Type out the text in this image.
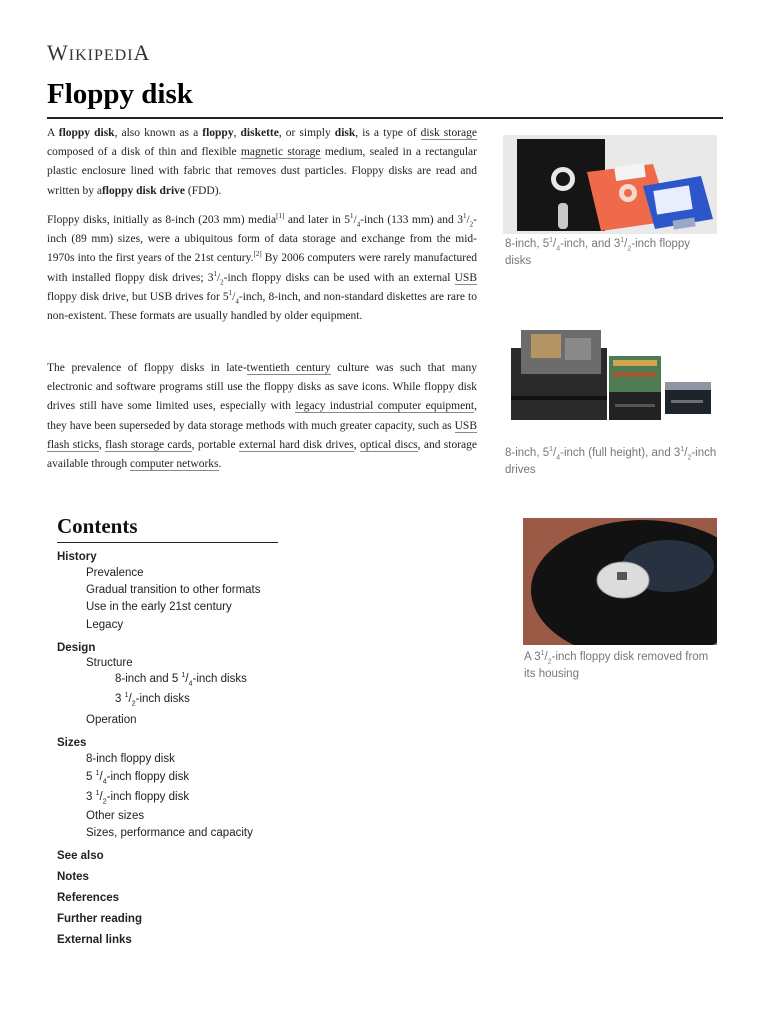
WIKIPEDIA
Floppy disk

A floppy disk, also known as a floppy, diskette, or simply disk, is a type of disk storage composed of a disk of thin and flexible magnetic storage medium, sealed in a rectangular plastic enclosure lined with fabric that removes dust particles. Floppy disks are read and written by afloppy disk drive (FDD).

Floppy disks, initially as 8-inch (203 mm) media[1] and later in $5^1/_4$-inch (133 mm) and $3^1/_2$-inch (89 mm) sizes, were a ubiquitous form of data storage and exchange from the mid-1970s into the first years of the 21st century.[2] By 2006 computers were rarely manufactured with installed floppy disk drives; $3^1/_2$-inch floppy disks can be used with an external USB floppy disk drive, but USB drives for $5^1/_4$-inch, 8-inch, and non-standard diskettes are rare to non-existent. These formats are usually handled by older equipment.

The prevalence of floppy disks in late-twentieth century culture was such that many electronic and software programs still use the floppy disks as save icons. While floppy disk drives still have some limited uses, especially with legacy industrial computer equipment, they have been superseded by data storage methods with much greater capacity, such as USB flash sticks, flash storage cards, portable external hard disk drives, optical discs, and storage available through computer networks.

8-inch, $5^1/_4$-inch, and $3^1/_2$-inch floppy disks
8-inch, $5^1/_4$-inch (full height), and $3^1/_2$-inch drives
A $3^1/_2$-inch floppy disk removed from its housing
Contents
History
Prevalence
Gradual transition to other formats
Use in the early 21st century
Legacy
Design
Structure
8-inch and 5 $^1/_4$-inch disks
3 $^1/_2$-inch disks
Operation
Sizes
8-inch floppy disk
5 $^1/_4$-inch floppy disk
3 $^1/_2$-inch floppy disk
Other sizes
Sizes, performance and capacity
See also
Notes
References
Further reading
External links
